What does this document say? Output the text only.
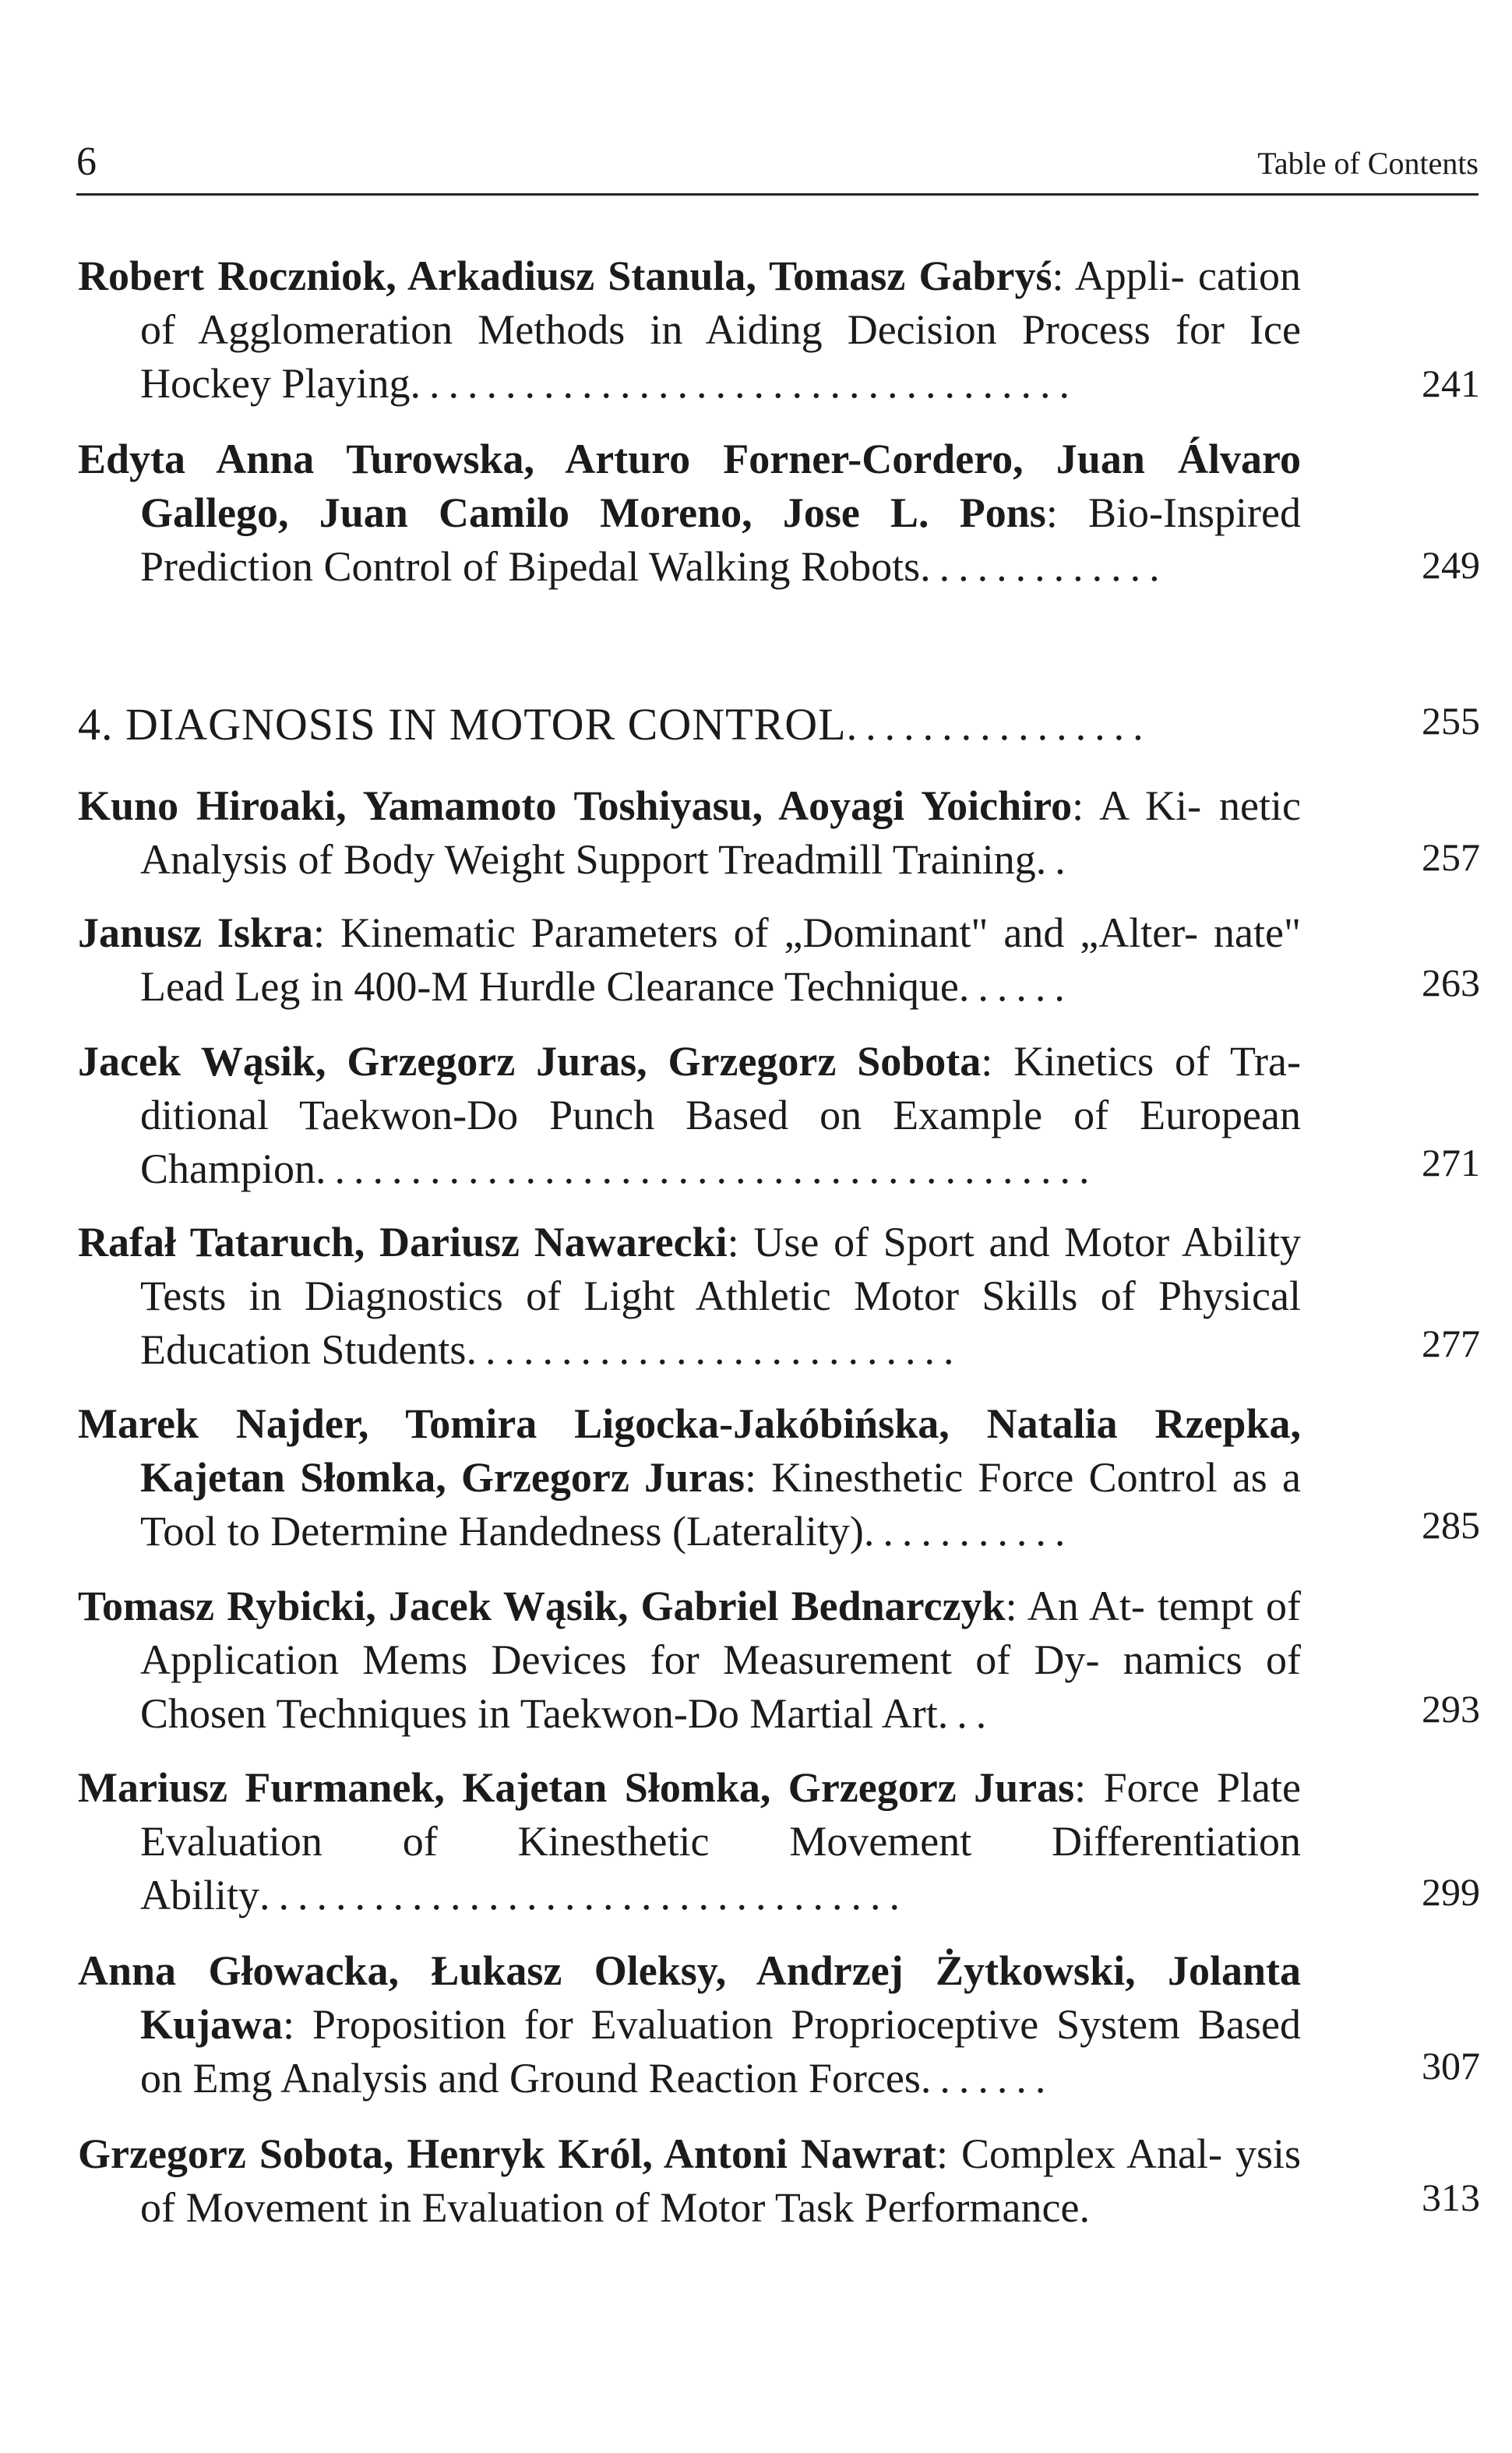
6	Table of Contents
Robert Roczniok, Arkadiusz Stanula, Tomasz Gabryś: Appli- cation of Agglomeration Methods in Aiding Decision Process for Ice Hockey Playing...................................	241
Edyta Anna Turowska, Arturo Forner-Cordero, Juan Álvaro Gallego, Juan Camilo Moreno, Jose L. Pons: Bio-Inspired Prediction Control of Bipedal Walking Robots.............	249
4. DIAGNOSIS IN MOTOR CONTROL................	255
Kuno Hiroaki, Yamamoto Toshiyasu, Aoyagi Yoichiro: A Ki- netic Analysis of Body Weight Support Treadmill Training..	257
Janusz Iskra: Kinematic Parameters of „Dominant" and „Alter- nate" Lead Leg in 400-M Hurdle Clearance Technique......	263
Jacek Wąsik, Grzegorz Juras, Grzegorz Sobota: Kinetics of Tra- ditional Taekwon-Do Punch Based on Example of European Champion.........................................	271
Rafał Tataruch, Dariusz Nawarecki: Use of Sport and Motor Ability Tests in Diagnostics of Light Athletic Motor Skills of Physical Education Students..........................	277
Marek Najder, Tomira Ligocka-Jakóbińska, Natalia Rzepka, Kajetan Słomka, Grzegorz Juras: Kinesthetic Force Control as a Tool to Determine Handedness (Laterality)...........	285
Tomasz Rybicki, Jacek Wąsik, Gabriel Bednarczyk: An At- tempt of Application Mems Devices for Measurement of Dy- namics of Chosen Techniques in Taekwon-Do Martial Art...	293
Mariusz Furmanek, Kajetan Słomka, Grzegorz Juras: Force Plate Evaluation of Kinesthetic Movement Differentiation Ability..................................	299
Anna Głowacka, Łukasz Oleksy, Andrzej Żytkowski, Jolanta Kujawa: Proposition for Evaluation Proprioceptive System Based on Emg Analysis and Ground Reaction Forces.......	307
Grzegorz Sobota, Henryk Król, Antoni Nawrat: Complex Anal- ysis of Movement in Evaluation of Motor Task Performance.	313
